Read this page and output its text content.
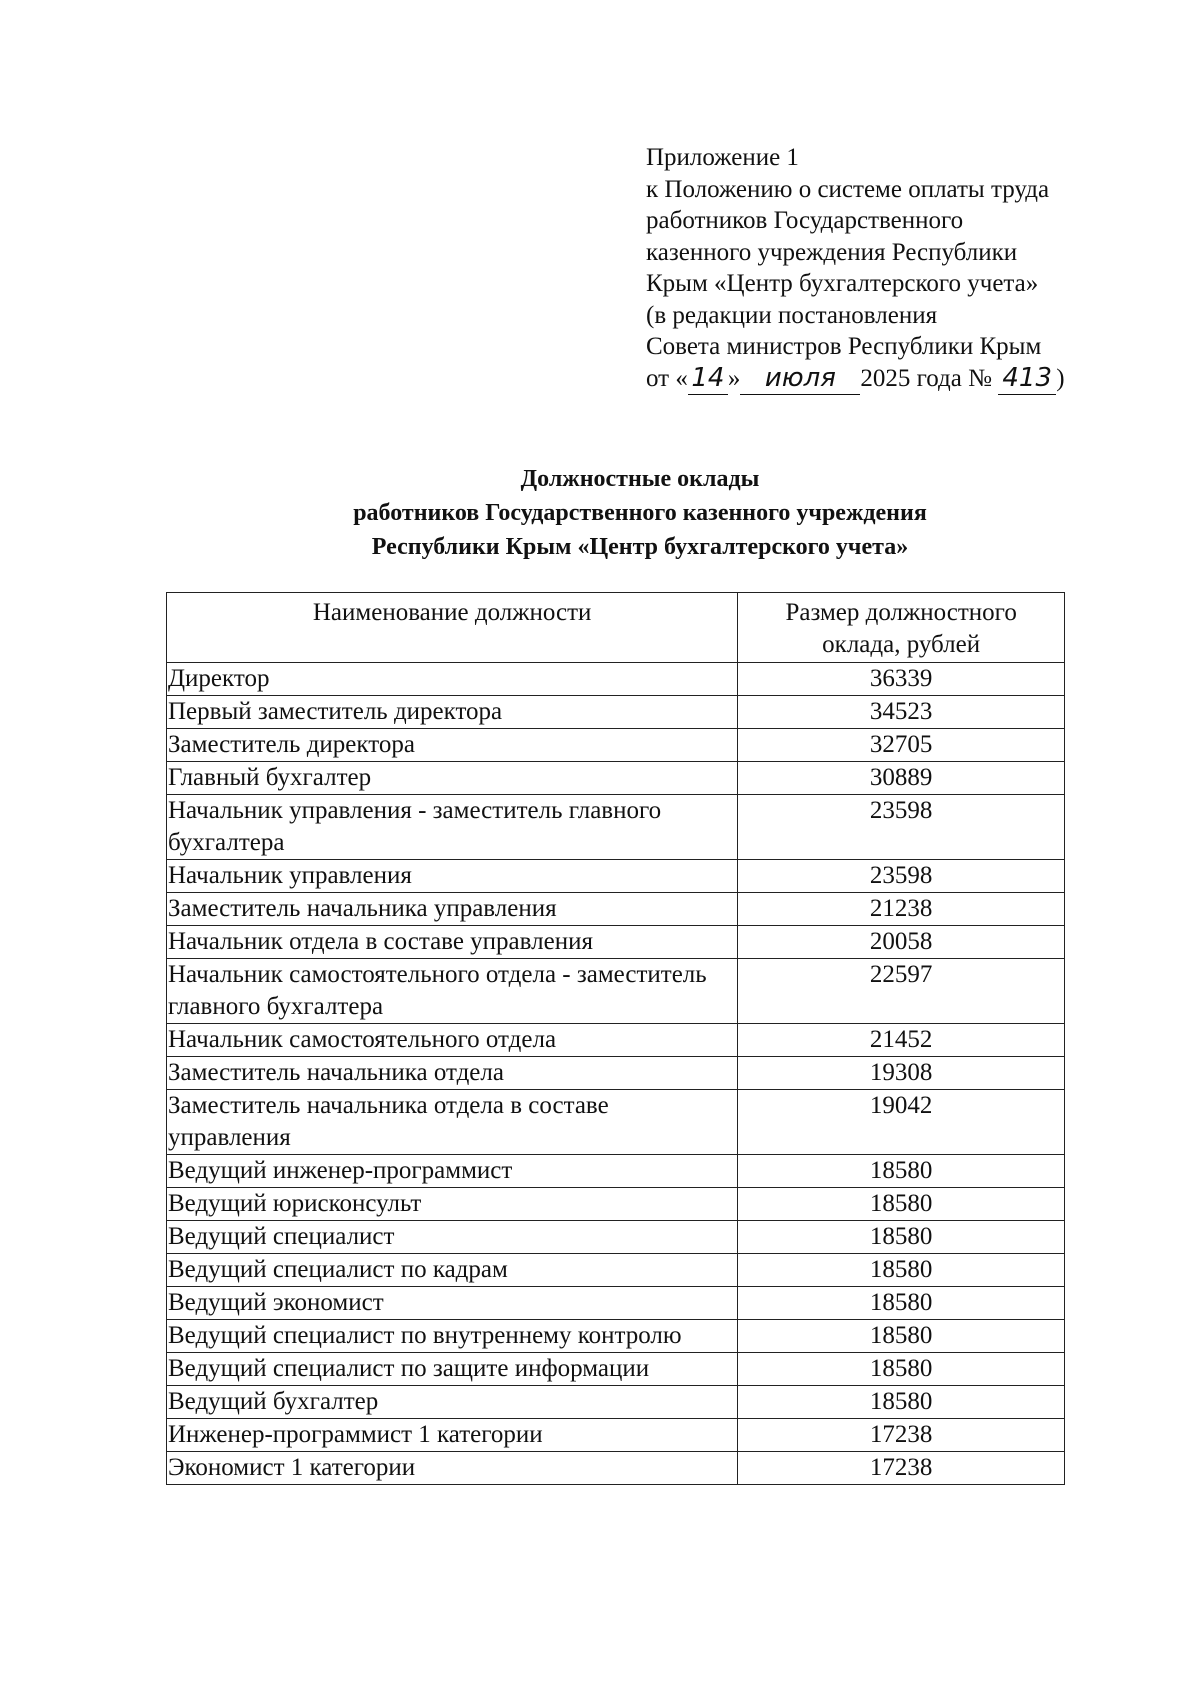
Приложение 1
к Положению о системе оплаты труда
работников Государственного
казенного учреждения Республики
Крым «Центр бухгалтерского учета»
(в редакции постановления
Совета министров Республики Крым
от « 14 » июля 2025 года № 413 )
Должностные оклады
работников Государственного казенного учреждения
Республики Крым «Центр бухгалтерского учета»
Наименование должности	Размер должностного оклада, рублей
Директор	36339
Первый заместитель директора	34523
Заместитель директора	32705
Главный бухгалтер	30889
Начальник управления - заместитель главного бухгалтера	23598
Начальник управления	23598
Заместитель начальника управления	21238
Начальник отдела в составе управления	20058
Начальник самостоятельного отдела - заместитель главного бухгалтера	22597
Начальник самостоятельного отдела	21452
Заместитель начальника отдела	19308
Заместитель начальника отдела в составе управления	19042
Ведущий инженер-программист	18580
Ведущий юрисконсульт	18580
Ведущий специалист	18580
Ведущий специалист по кадрам	18580
Ведущий экономист	18580
Ведущий специалист по внутреннему контролю	18580
Ведущий специалист по защите информации	18580
Ведущий бухгалтер	18580
Инженер-программист 1 категории	17238
Экономист 1 категории	17238
